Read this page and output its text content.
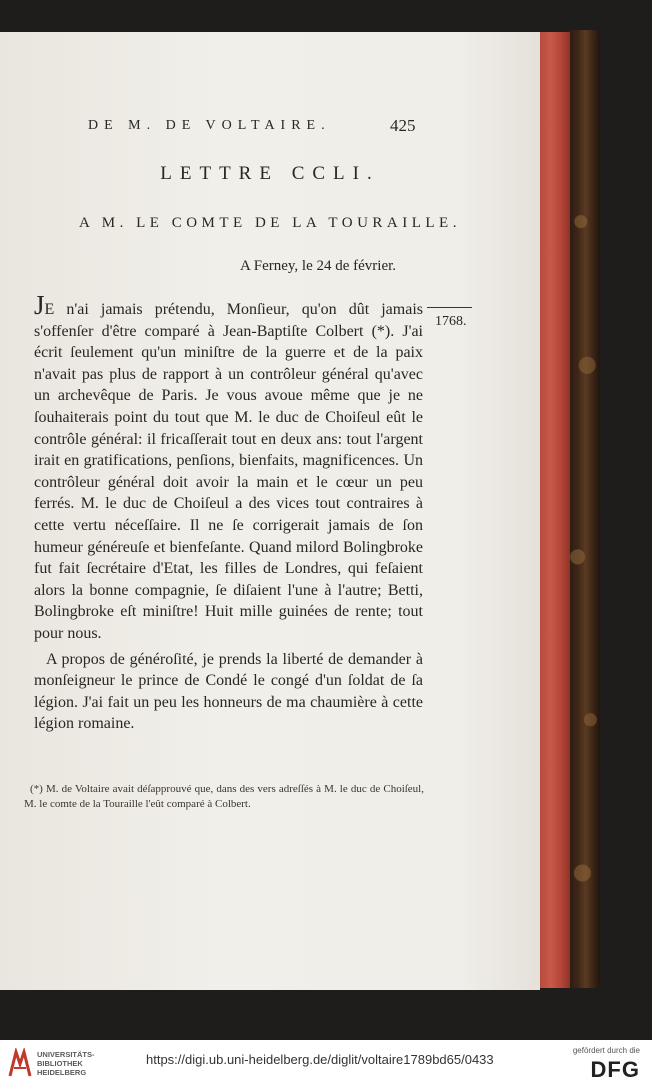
DE M. DE VOLTAIRE.	425
LETTRE CCLI.
A M. LE COMTE DE LA TOURAILLE.
A Ferney, le 24 de février.
1768.

JE n'ai jamais prétendu, Monſieur, qu'on dût jamais s'offenſer d'être comparé à Jean-Baptiſte Colbert (*). J'ai écrit ſeulement qu'un miniſtre de la guerre et de la paix n'avait pas plus de rapport à un contrôleur général qu'avec un archevêque de Paris. Je vous avoue même que je ne ſouhaiterais point du tout que M. le duc de Choiſeul eût le contrôle général: il fricaſſerait tout en deux ans: tout l'argent irait en gratifications, penſions, bienfaits, magnificences. Un contrôleur général doit avoir la main et le cœur un peu ferrés. M. le duc de Choiſeul a des vices tout contraires à cette vertu néceſſaire. Il ne ſe corrigerait jamais de ſon humeur généreuſe et bienfeſante. Quand milord Bolingbroke fut fait ſecrétaire d'Etat, les filles de Londres, qui feſaient alors la bonne compagnie, ſe diſaient l'une à l'autre; Betti, Bolingbroke eſt miniſtre! Huit mille guinées de rente; tout pour nous.

A propos de généroſité, je prends la liberté de demander à monſeigneur le prince de Condé le congé d'un ſoldat de ſa légion. J'ai fait un peu les honneurs de ma chaumière à cette légion romaine.

(*) M. de Voltaire avait déſapprouvé que, dans des vers adreſſés à M. le duc de Choiſeul, M. le comte de la Touraille l'eût comparé à Colbert.
UNIVERSITÄTS-
BIBLIOTHEK
HEIDELBERG
https://digi.ub.uni-heidelberg.de/diglit/voltaire1789bd65/0433
gefördert durch die
DFG
